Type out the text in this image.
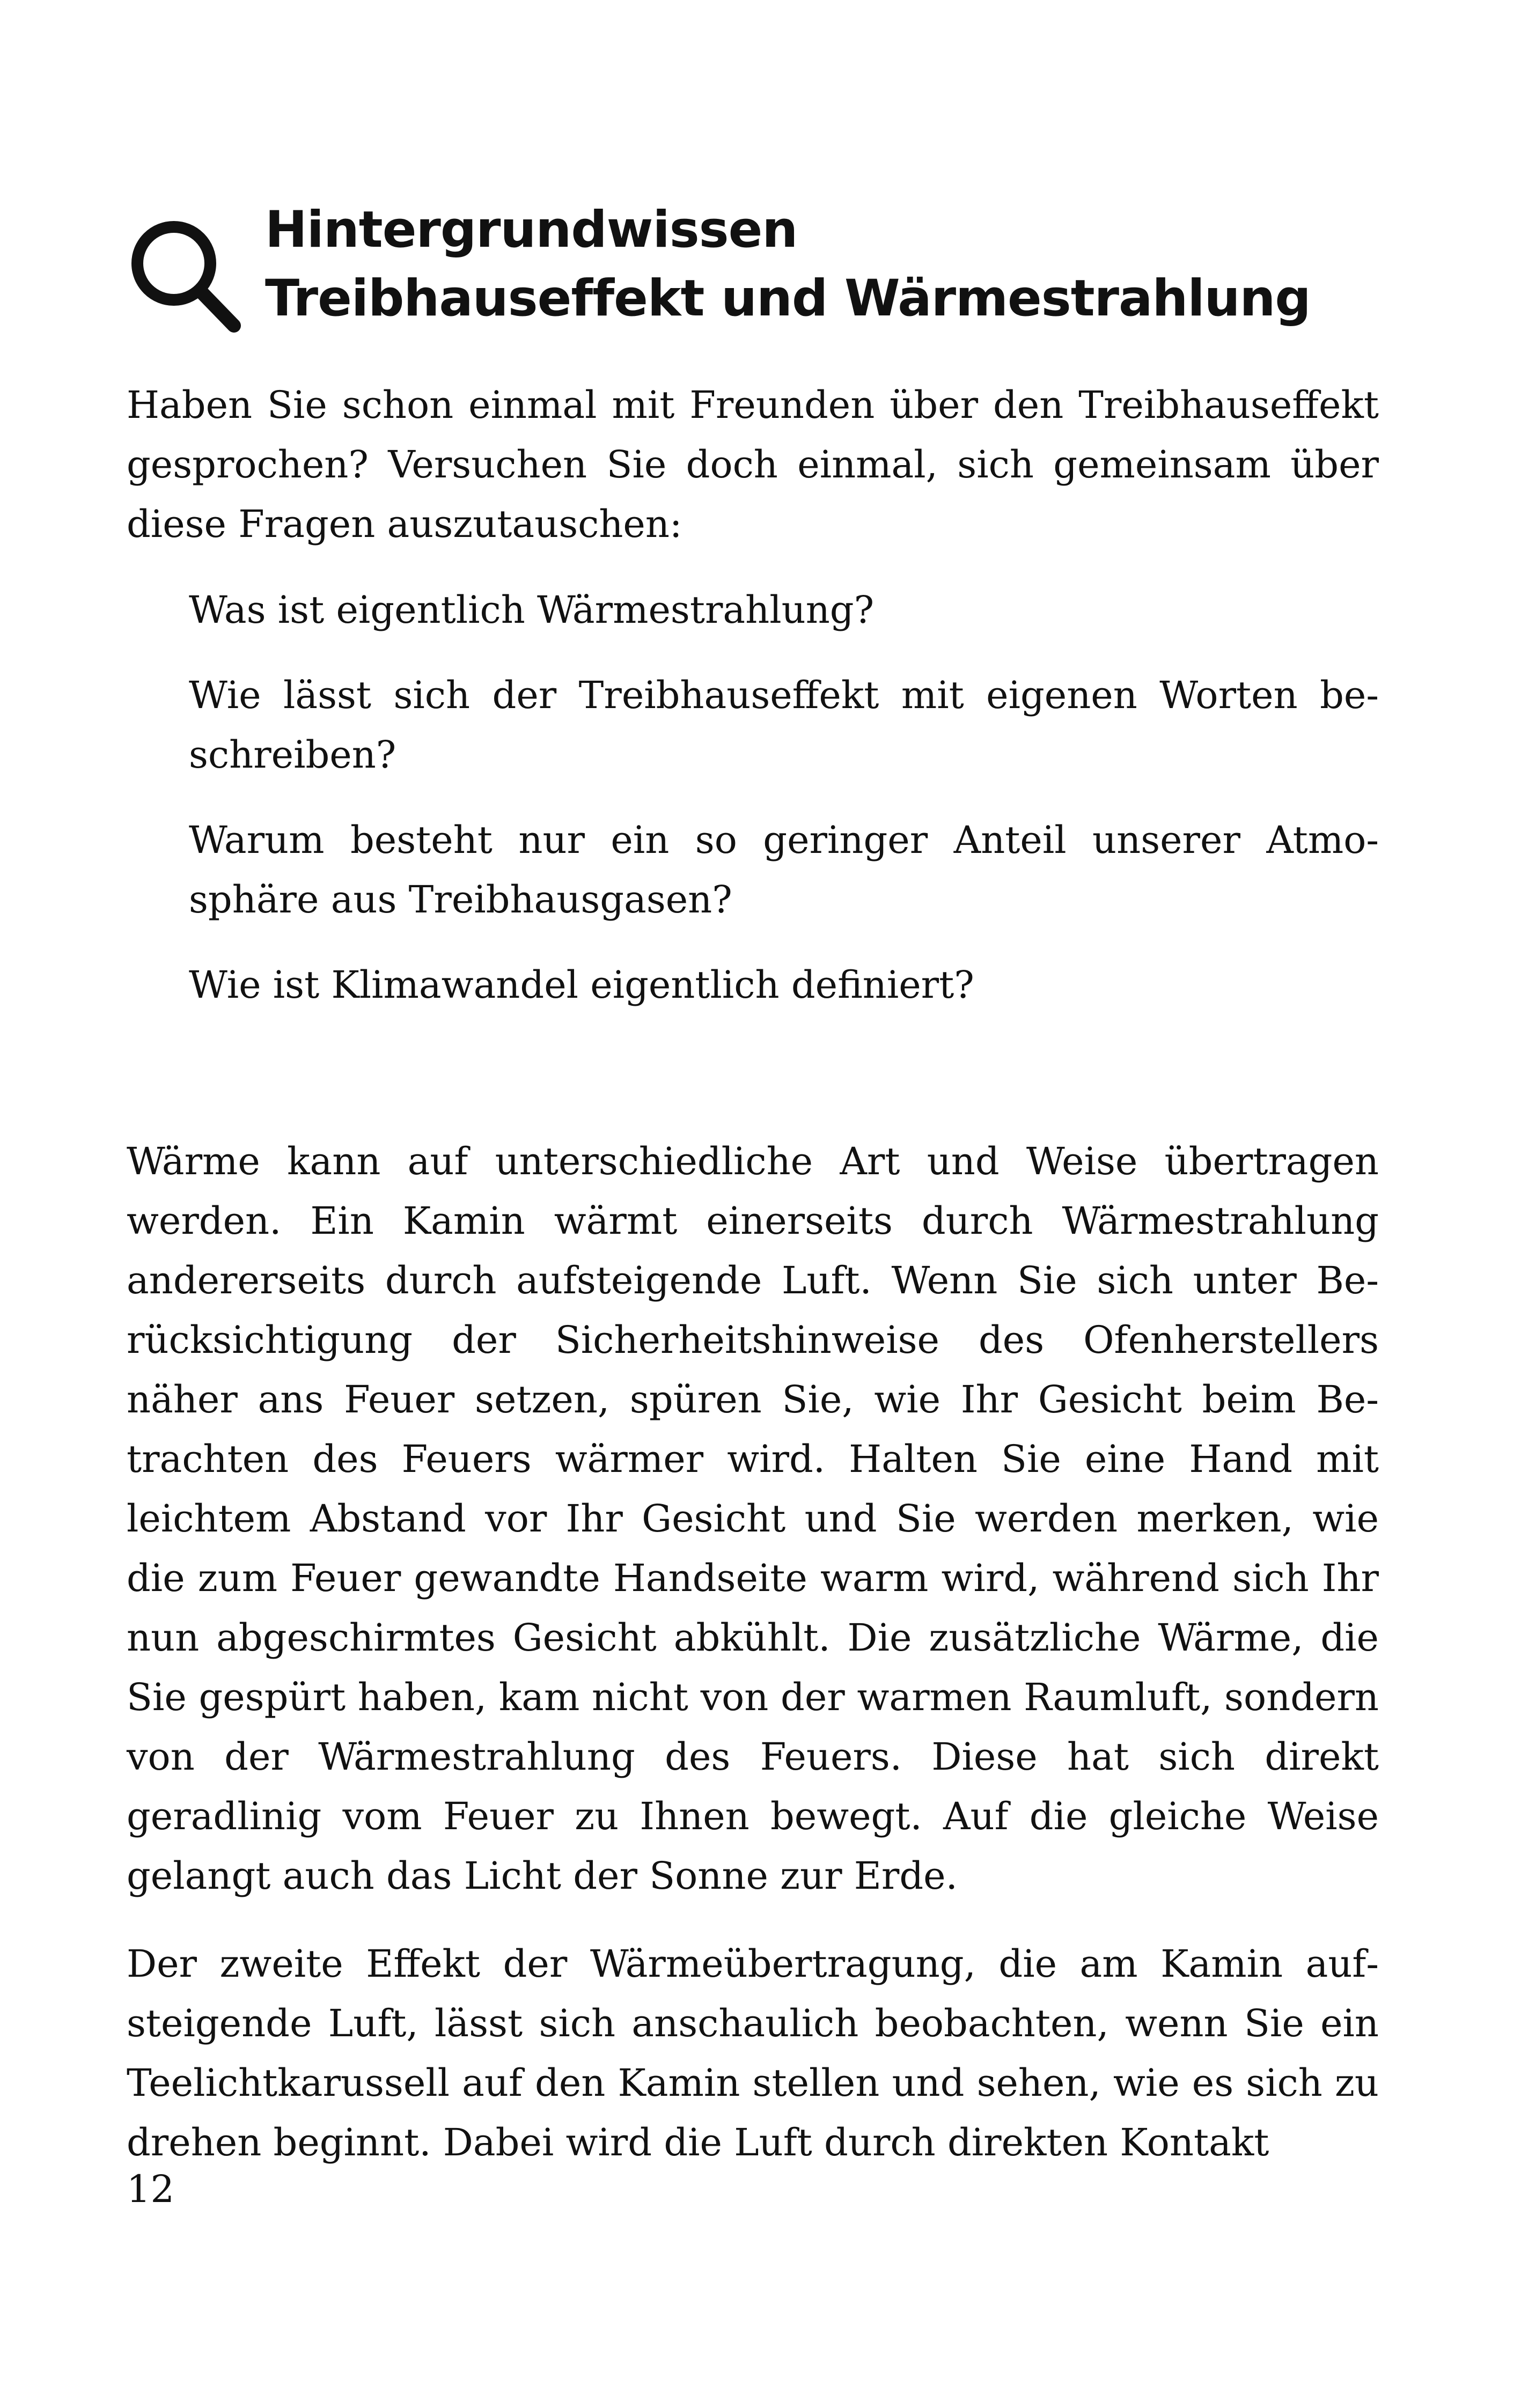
Hintergrundwissen
Treibhauseffekt und Wärmestrahlung

Haben Sie schon einmal mit Freunden über den Treibhauseffekt gesprochen? Versuchen Sie doch einmal, sich gemeinsam über diese Fragen auszutauschen:

Was ist eigentlich Wärmestrahlung?

Wie lässt sich der Treibhauseffekt mit eigenen Worten beschreiben?

Warum besteht nur ein so geringer Anteil unserer Atmosphäre aus Treibhausgasen?

Wie ist Klimawandel eigentlich definiert?

Wärme kann auf unterschiedliche Art und Weise übertragen werden. Ein Kamin wärmt einerseits durch Wärmestrahlung andererseits durch aufsteigende Luft. Wenn Sie sich unter Berücksichtigung der Sicherheitshinweise des Ofenherstellers näher ans Feuer setzen, spüren Sie, wie Ihr Gesicht beim Betrachten des Feuers wärmer wird. Halten Sie eine Hand mit leichtem Abstand vor Ihr Gesicht und Sie werden merken, wie die zum Feuer gewandte Handseite warm wird, während sich Ihr nun abgeschirmtes Gesicht abkühlt. Die zusätzliche Wärme, die Sie gespürt haben, kam nicht von der warmen Raumluft, sondern von der Wärmestrahlung des Feuers. Diese hat sich direkt geradlinig vom Feuer zu Ihnen bewegt. Auf die gleiche Weise gelangt auch das Licht der Sonne zur Erde.

Der zweite Effekt der Wärmeübertragung, die am Kamin aufsteigende Luft, lässt sich anschaulich beobachten, wenn Sie ein Teelichtkarussell auf den Kamin stellen und sehen, wie es sich zu drehen beginnt. Dabei wird die Luft durch direkten Kontakt

12
